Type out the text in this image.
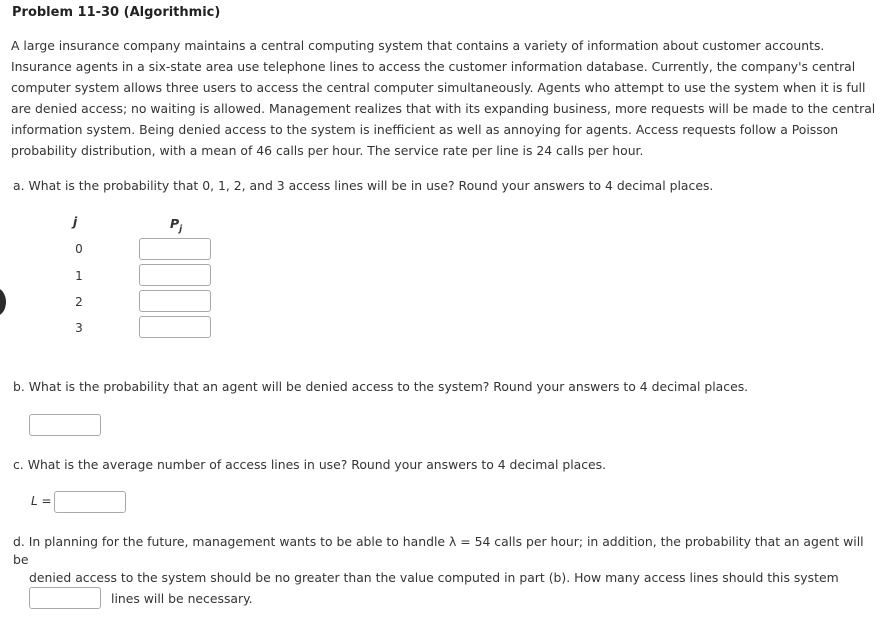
Problem 11-30 (Algorithmic)
A large insurance company maintains a central computing system that contains a variety of information about customer accounts. Insurance agents in a six-state area use telephone lines to access the customer information database. Currently, the company's central computer system allows three users to access the central computer simultaneously. Agents who attempt to use the system when it is full are denied access; no waiting is allowed. Management realizes that with its expanding business, more requests will be made to the central information system. Being denied access to the system is inefficient as well as annoying for agents. Access requests follow a Poisson probability distribution, with a mean of 46 calls per hour. The service rate per line is 24 calls per hour.
a. What is the probability that 0, 1, 2, and 3 access lines will be in use? Round your answers to 4 decimal places.
j	$P_j$
0
1
2
3
b. What is the probability that an agent will be denied access to the system? Round your answers to 4 decimal places.
c. What is the average number of access lines in use? Round your answers to 4 decimal places.
L =
d. In planning for the future, management wants to be able to handle λ = 54 calls per hour; in addition, the probability that an agent will be
denied access to the system should be no greater than the value computed in part (b). How many access lines should this system
lines will be necessary.
